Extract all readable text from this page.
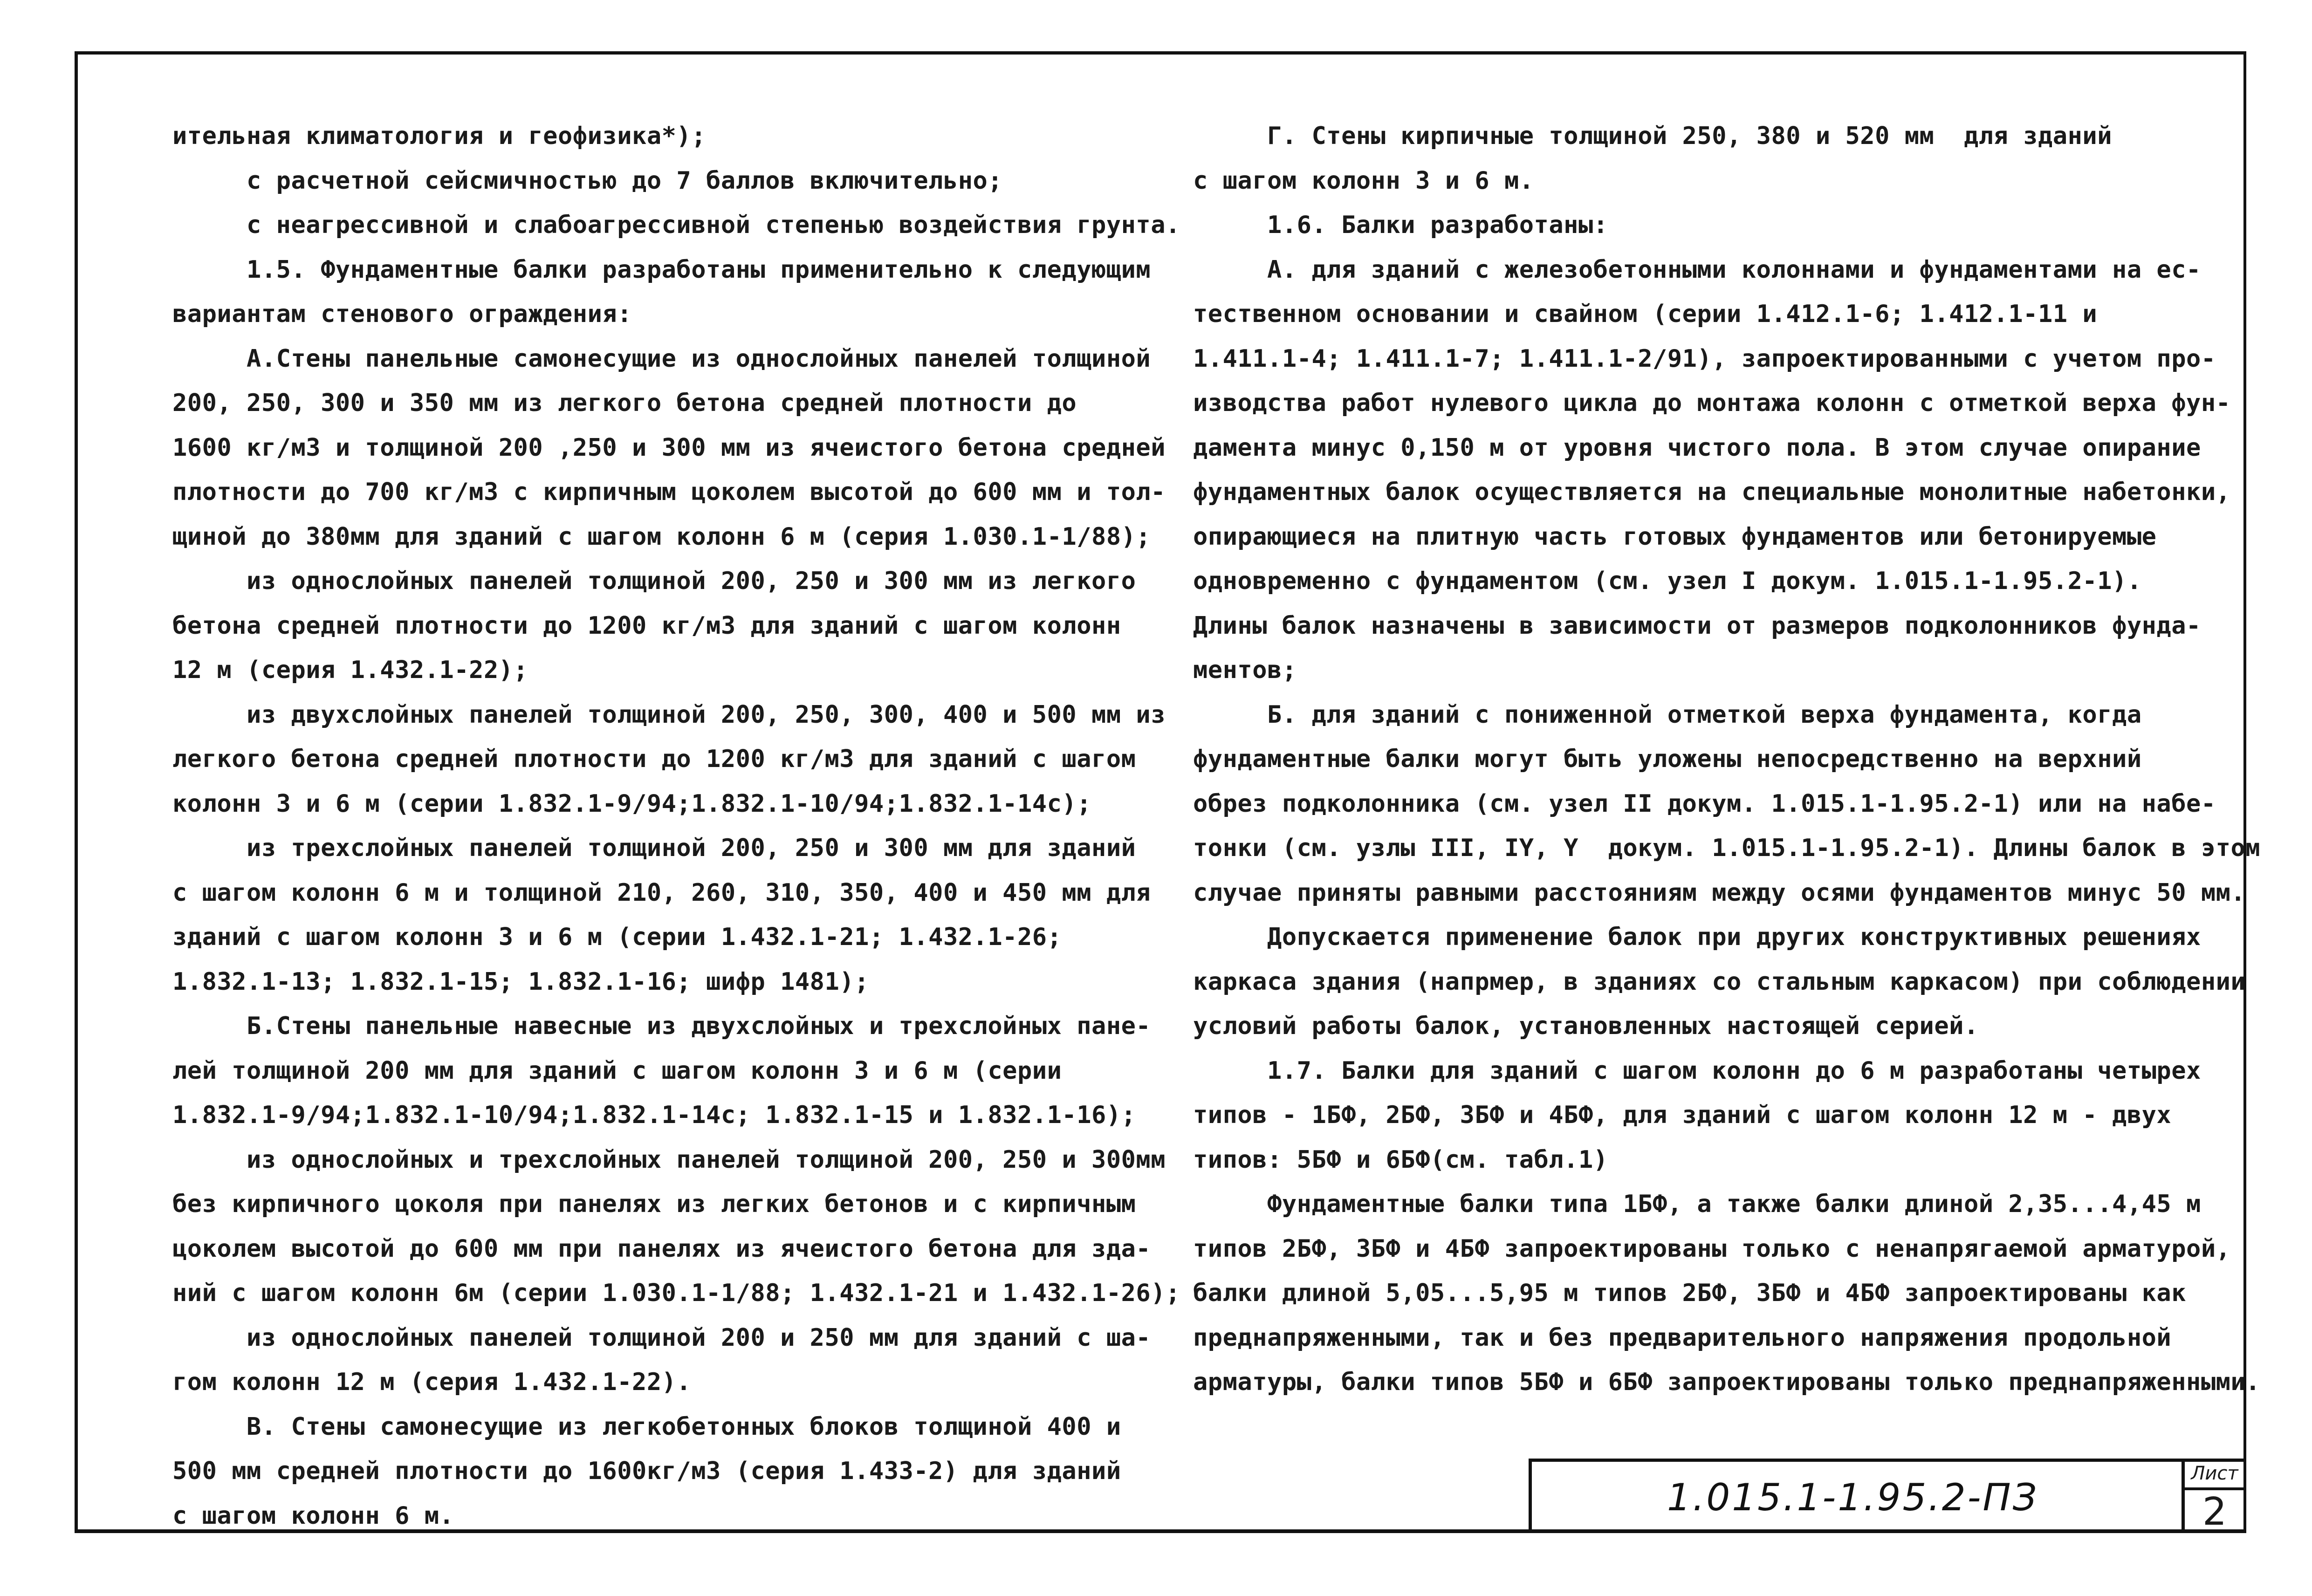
ительная климатология и геофизика*);

с расчетной сейсмичностью до 7 баллов включительно;

с неагрессивной и слабоагрессивной степенью воздействия грунта.

1.5. Фундаментные балки разработаны применительно к следующим

вариантам стенового ограждения:

А.Стены панельные самонесущие из однослойных панелей толщиной

200, 250, 300 и 350 мм из легкого бетона средней плотности до

1600 кг/м3 и толщиной 200 ,250 и 300 мм из ячеистого бетона средней

плотности до 700 кг/м3 с кирпичным цоколем высотой до 600 мм и тол-

щиной до 380мм для зданий с шагом колонн 6 м (серия 1.030.1-1/88);

из однослойных панелей толщиной 200, 250 и 300 мм из легкого

бетона средней плотности до 1200 кг/м3 для зданий с шагом колонн

12 м (серия 1.432.1-22);

из двухслойных панелей толщиной 200, 250, 300, 400 и 500 мм из

легкого бетона средней плотности до 1200 кг/м3 для зданий с шагом

колонн 3 и 6 м (серии 1.832.1-9/94;1.832.1-10/94;1.832.1-14с);

из трехслойных панелей толщиной 200, 250 и 300 мм для зданий

с шагом колонн 6 м и толщиной 210, 260, 310, 350, 400 и 450 мм для

зданий с шагом колонн 3 и 6 м (серии 1.432.1-21; 1.432.1-26;

1.832.1-13; 1.832.1-15; 1.832.1-16; шифр 1481);

Б.Стены панельные навесные из двухслойных и трехслойных пане-

лей толщиной 200 мм для зданий с шагом колонн 3 и 6 м (серии

1.832.1-9/94;1.832.1-10/94;1.832.1-14с; 1.832.1-15 и 1.832.1-16);

из однослойных и трехслойных панелей толщиной 200, 250 и 300мм

без кирпичного цоколя при панелях из легких бетонов и с кирпичным

цоколем высотой до 600 мм при панелях из ячеистого бетона для зда-

ний с шагом колонн 6м (серии 1.030.1-1/88; 1.432.1-21 и 1.432.1-26);

из однослойных панелей толщиной 200 и 250 мм для зданий с ша-

гом колонн 12 м (серия 1.432.1-22).

В. Стены самонесущие из легкобетонных блоков толщиной 400 и

500 мм средней плотности до 1600кг/м3 (серия 1.433-2) для зданий

с шагом колонн 6 м.

Г. Стены кирпичные толщиной 250, 380 и 520 мм  для зданий

с шагом колонн 3 и 6 м.

1.6. Балки разработаны:

А. для зданий с железобетонными колоннами и фундаментами на ес-

тественном основании и свайном (серии 1.412.1-6; 1.412.1-11 и

1.411.1-4; 1.411.1-7; 1.411.1-2/91), запроектированными с учетом про-

изводства работ нулевого цикла до монтажа колонн с отметкой верха фун-

дамента минус 0,150 м от уровня чистого пола. В этом случае опирание

фундаментных балок осуществляется на специальные монолитные набетонки,

опирающиеся на плитную часть готовых фундаментов или бетонируемые

одновременно с фундаментом (см. узел I докум. 1.015.1-1.95.2-1).

Длины балок назначены в зависимости от размеров подколонников фунда-

ментов;

Б. для зданий с пониженной отметкой верха фундамента, когда

фундаментные балки могут быть уложены непосредственно на верхний

обрез подколонника (см. узел II докум. 1.015.1-1.95.2-1) или на набе-

тонки (см. узлы III, IY, Y  докум. 1.015.1-1.95.2-1). Длины балок в этом

случае приняты равными расстояниям между осями фундаментов минус 50 мм.

Допускается применение балок при других конструктивных решениях

каркаса здания (напрмер, в зданиях со стальным каркасом) при соблюдении

условий работы балок, установленных настоящей серией.

1.7. Балки для зданий с шагом колонн до 6 м разработаны четырех

типов - 1БФ, 2БФ, 3БФ и 4БФ, для зданий с шагом колонн 12 м - двух

типов: 5БФ и 6БФ(см. табл.1)

Фундаментные балки типа 1БФ, а также балки длиной 2,35...4,45 м

типов 2БФ, 3БФ и 4БФ запроектированы только с ненапрягаемой арматурой,

балки длиной 5,05...5,95 м типов 2БФ, 3БФ и 4БФ запроектированы как

преднапряженными, так и без предварительного напряжения продольной

арматуры, балки типов 5БФ и 6БФ запроектированы только преднапряженными.

1.015.1-1.95.2-ПЗ
Лист
2
